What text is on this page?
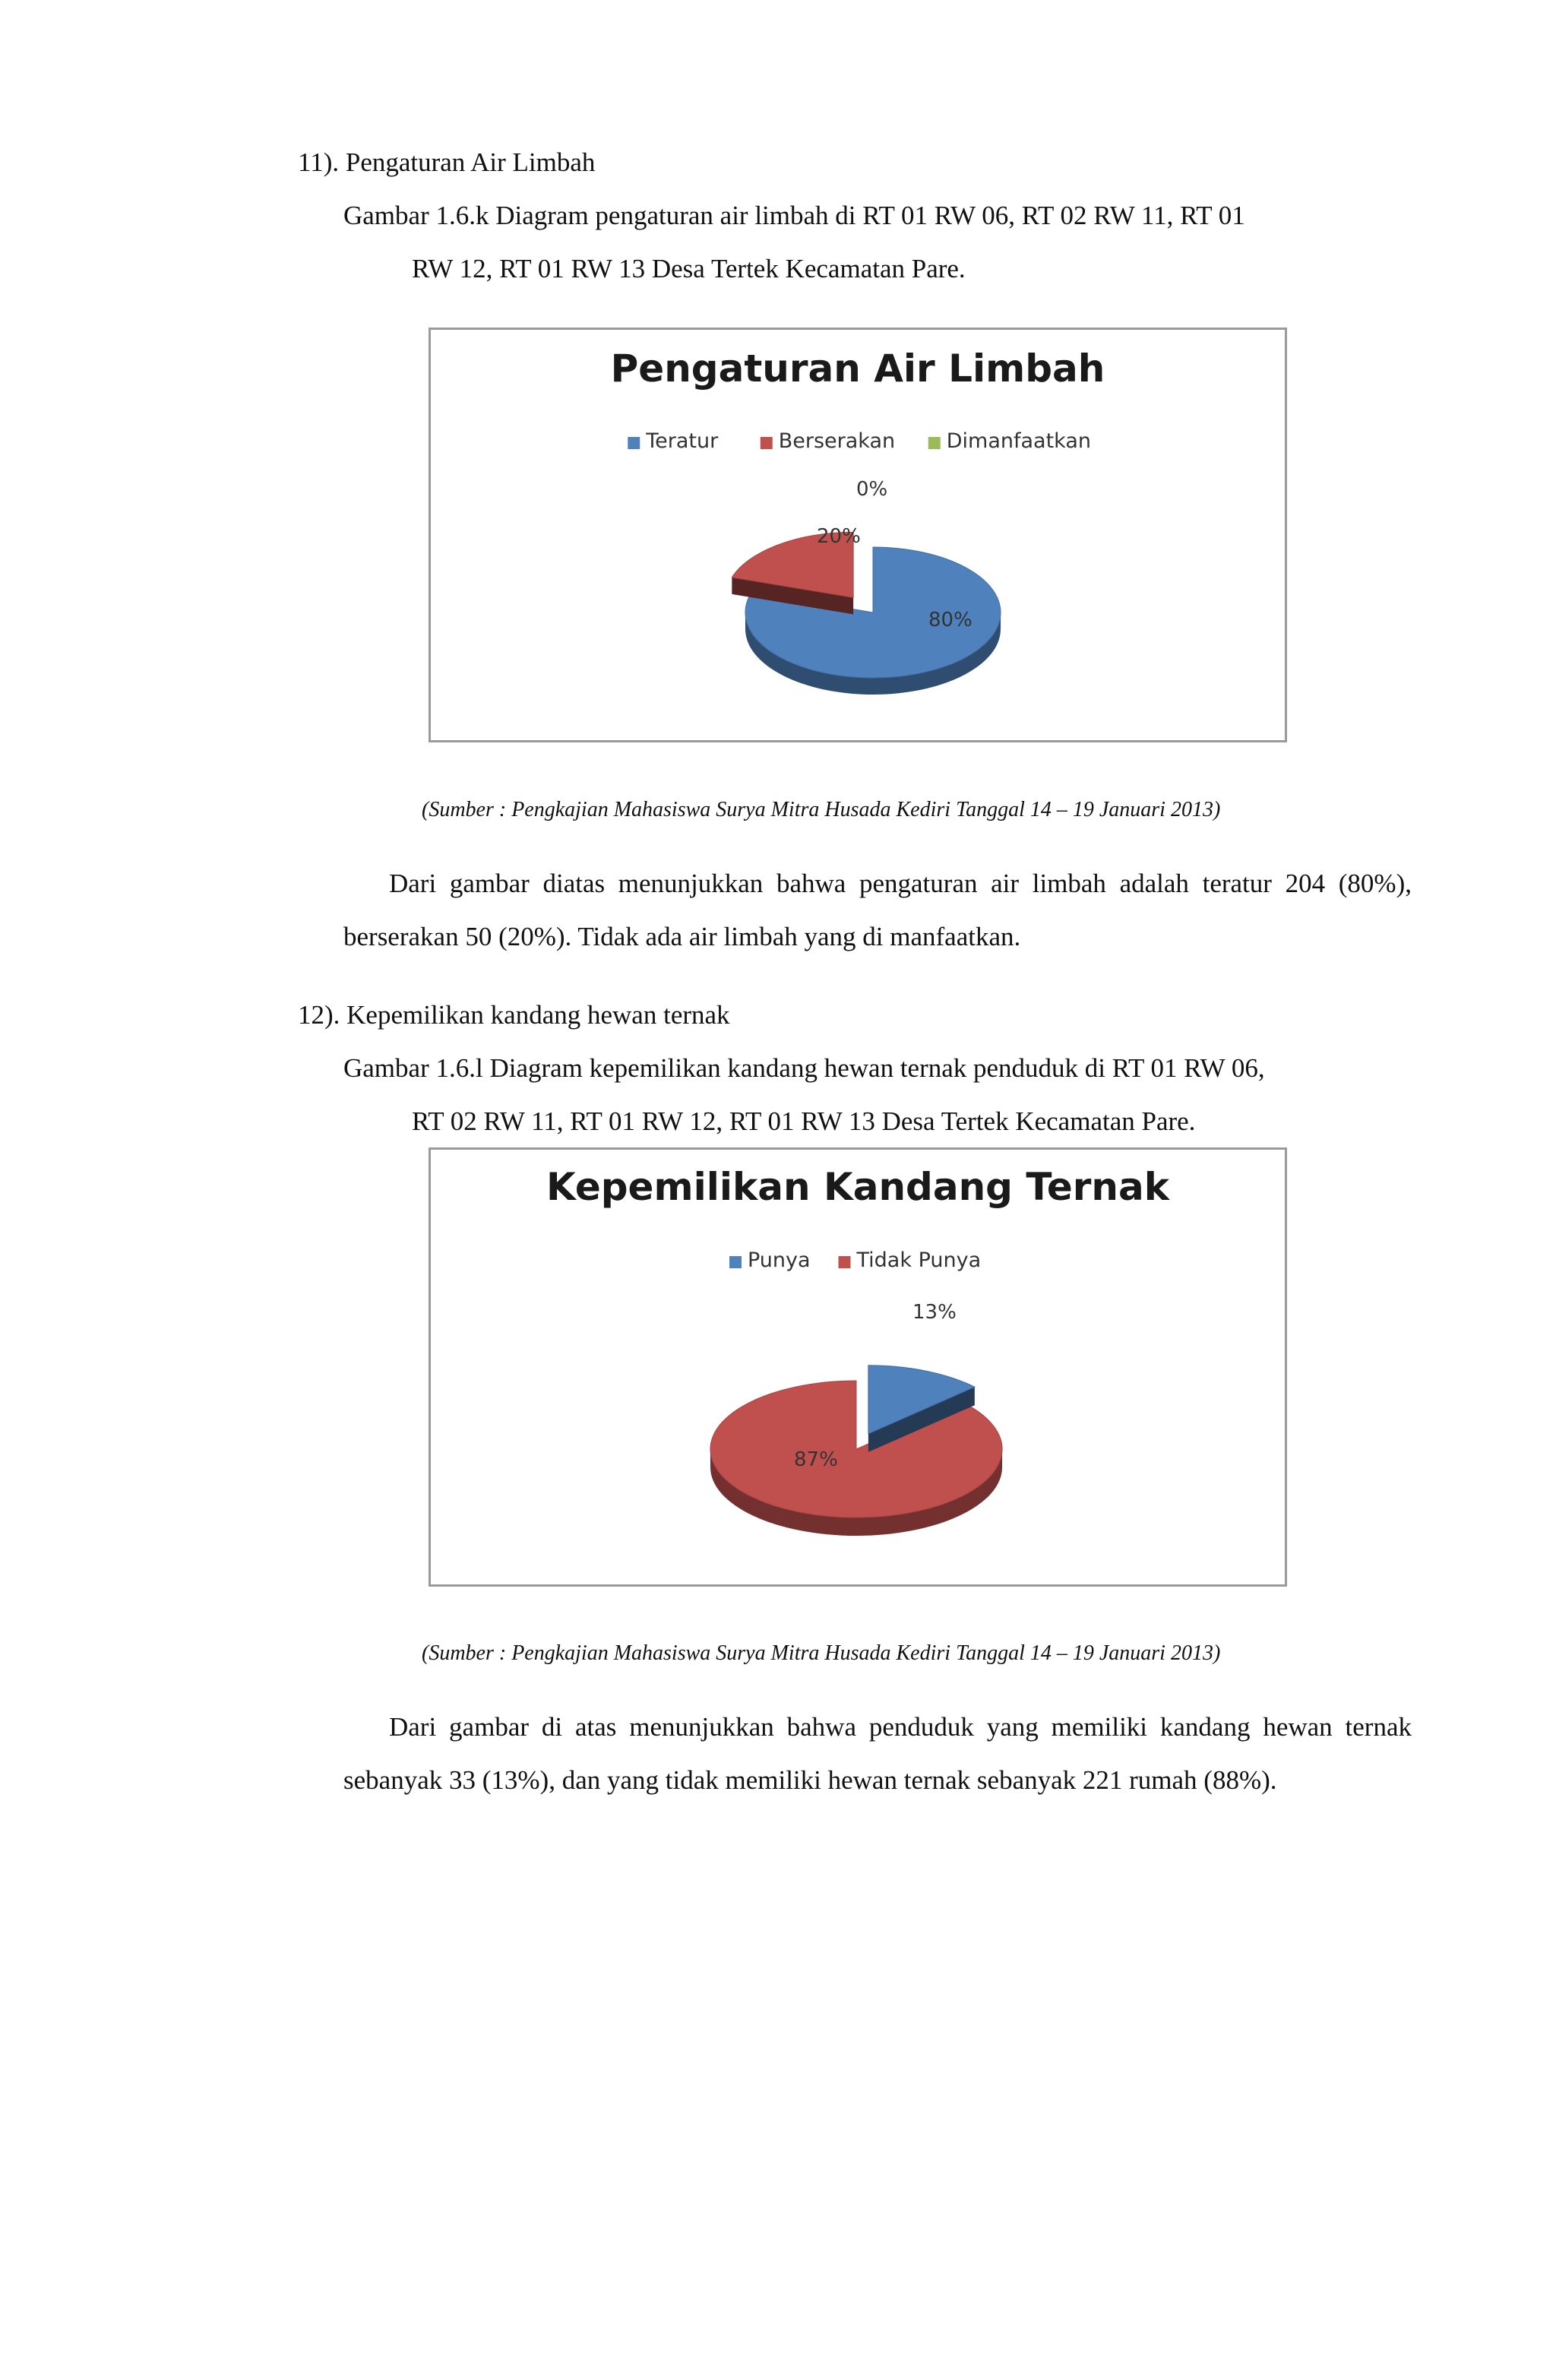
11). Pengaturan Air Limbah
Gambar 1.6.k Diagram pengaturan air limbah di RT 01 RW 06, RT 02 RW 11, RT 01
RW 12, RT 01 RW 13 Desa Tertek Kecamatan Pare.
Pengaturan Air Limbah
Teratur	Berserakan	Dimanfaatkan
80%
20%
0%
(Sumber : Pengkajian Mahasiswa Surya Mitra Husada Kediri Tanggal 14 – 19 Januari 2013)
Dari gambar diatas menunjukkan bahwa pengaturan air limbah adalah teratur 204 (80%), berserakan 50 (20%). Tidak ada air limbah yang di manfaatkan.
12). Kepemilikan kandang hewan ternak
Gambar 1.6.l Diagram kepemilikan kandang hewan ternak penduduk di RT 01 RW 06,
RT 02 RW 11, RT 01 RW 12, RT 01 RW 13 Desa Tertek Kecamatan Pare.
Kepemilikan Kandang Ternak
Punya Tidak Punya
13%
87%
(Sumber : Pengkajian Mahasiswa Surya Mitra Husada Kediri Tanggal 14 – 19 Januari 2013)
Dari gambar di atas menunjukkan bahwa penduduk yang memiliki kandang hewan ternak sebanyak 33 (13%), dan yang tidak memiliki hewan ternak sebanyak 221 rumah (88%).
